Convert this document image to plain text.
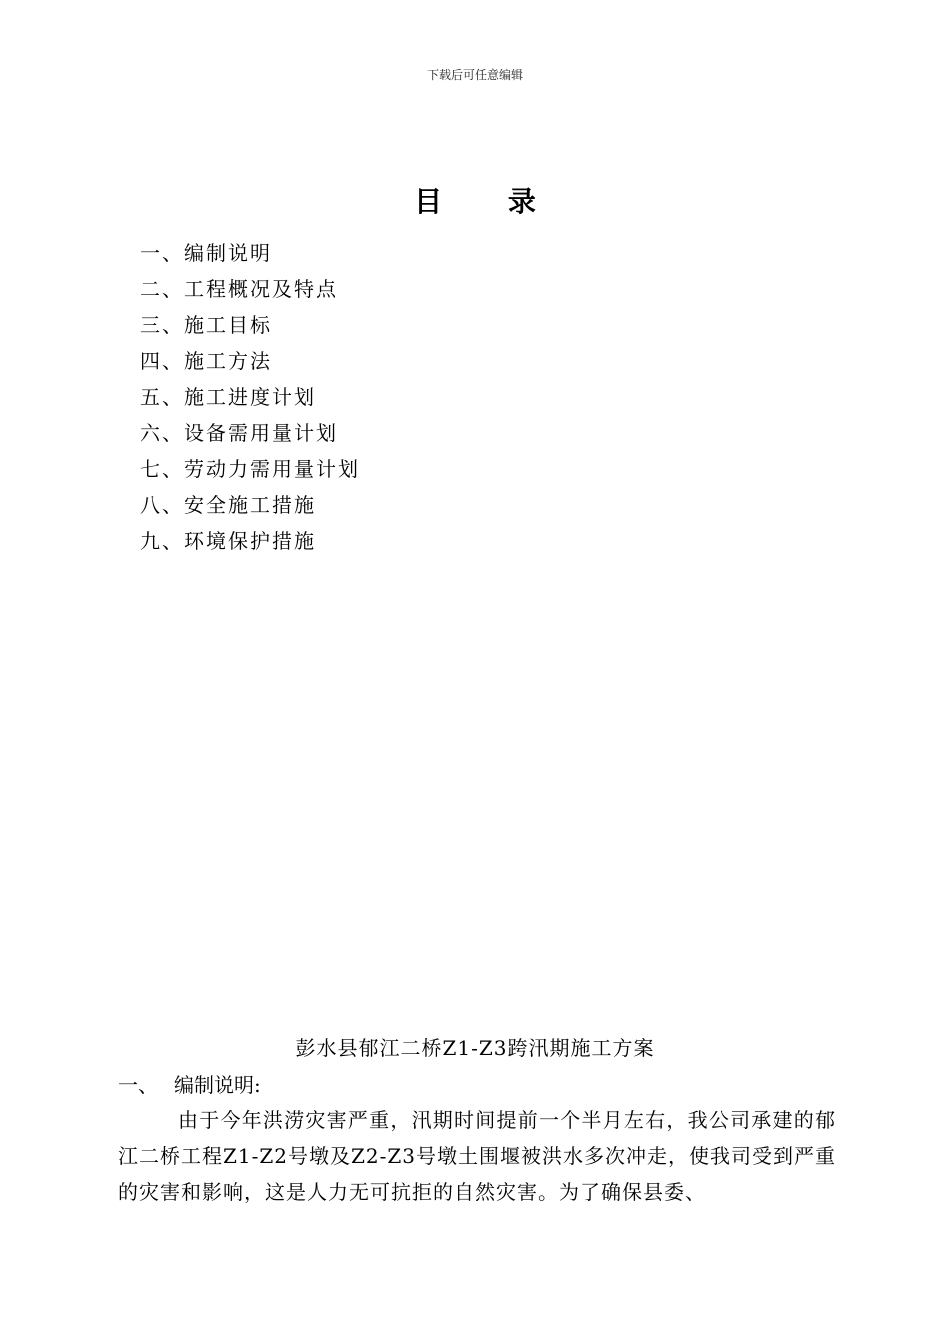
下载后可任意编辑
目 录
一、编制说明
二、工程概况及特点
三、施工目标
四、施工方法
五、施工进度计划
六、设备需用量计划
七、劳动力需用量计划
八、安全施工措施
九、环境保护措施
彭水县郁江二桥Z1-Z3跨汛期施工方案
一、 编制说明:

由于今年洪涝灾害严重，汛期时间提前一个半月左右，我公司承建的郁江二桥工程Z1-Z2号墩及Z2-Z3号墩土围堰被洪水多次冲走，使我司受到严重的灾害和影响，这是人力无可抗拒的自然灾害。为了确保县委、
